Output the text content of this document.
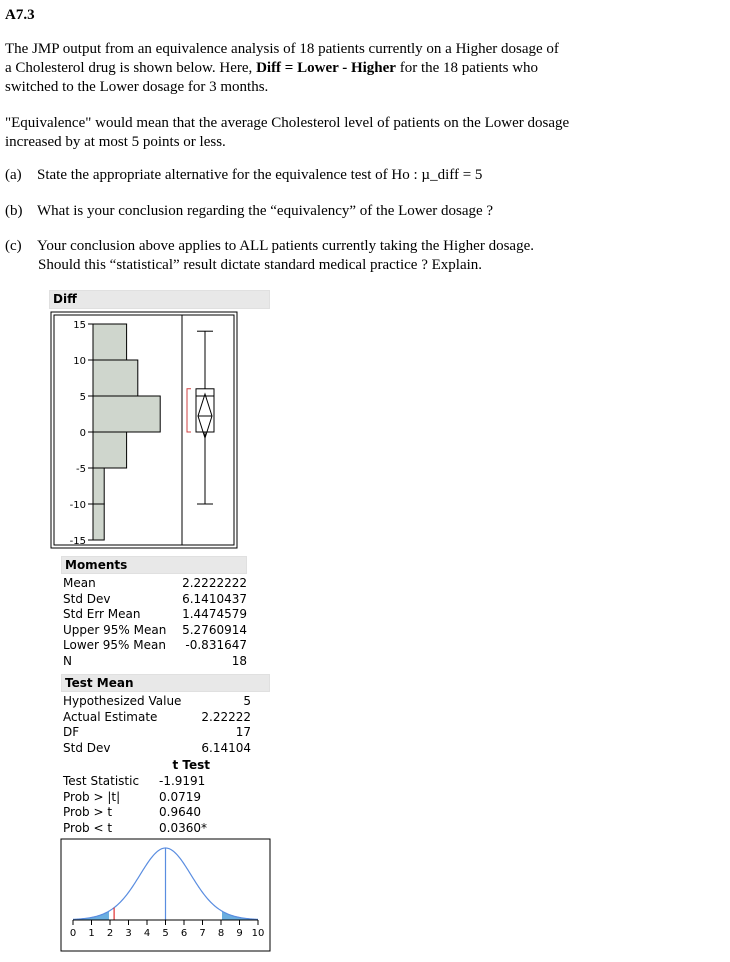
A7.3
The JMP output from an equivalence analysis of 18 patients currently on a Higher dosage of
a Cholesterol drug is shown below. Here, Diff = Lower - Higher for the 18 patients who
switched to the Lower dosage for 3 months.
"Equivalence" would mean that the average Cholesterol level of patients on the Lower dosage
increased by at most 5 points or less.
(a) State the appropriate alternative for the equivalence test of Ho : µ_diff = 5
(b) What is your conclusion regarding the “equivalency” of the Lower dosage ?
(c) Your conclusion above applies to ALL patients currently taking the Higher dosage.
Should this “statistical” result dictate standard medical practice ? Explain.
Diff
15
10
5
0
-5
-10
-15
Moments
Mean	2.2222222
Std Dev	6.1410437
Std Err Mean	1.4474579
Upper 95% Mean	5.2760914
Lower 95% Mean	-0.831647
N	18
Test Mean
Hypothesized Value	5
Actual Estimate	2.22222
DF	17
Std Dev	6.14104
t Test
Test Statistic	-1.9191
Prob > |t|	0.0719
Prob > t	0.9640
Prob < t	0.0360*
0 1 2 3 4 5 6 7 8 9 10
